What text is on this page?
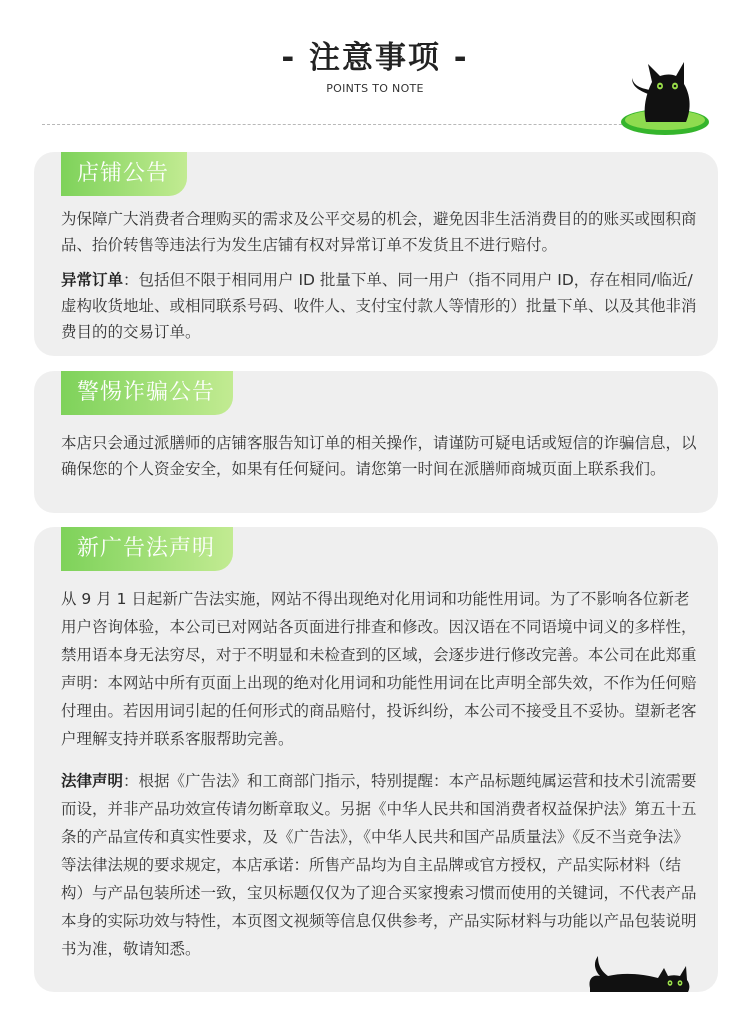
- 注意事项 -
POINTS TO NOTE
店铺公告

为保障广大消费者合理购买的需求及公平交易的机会，避免因非生活消费目的的账买或囤积商品、抬价转售等违法行为发生店铺有权对异常订单不发货且不进行赔付。

异常订单：包括但不限于相同用户 ID 批量下单、同一用户（指不同用户 ID，存在相同/临近/虚构收货地址、或相同联系号码、收件人、支付宝付款人等情形的）批量下单、以及其他非消费目的的交易订单。

警惕诈骗公告

本店只会通过派膳师的店铺客服告知订单的相关操作，请谨防可疑电话或短信的诈骗信息，以确保您的个人资金安全，如果有任何疑问。请您第一时间在派膳师商城页面上联系我们。

新广告法声明

从 9 月 1 日起新广告法实施，网站不得出现绝对化用词和功能性用词。为了不影响各位新老用户咨询体验，本公司已对网站各页面进行排查和修改。因汉语在不同语境中词义的多样性，禁用语本身无法穷尽，对于不明显和未检查到的区域，会逐步进行修改完善。本公司在此郑重声明：本网站中所有页面上出现的绝对化用词和功能性用词在比声明全部失效，不作为任何赔付理由。若因用词引起的任何形式的商品赔付，投诉纠纷，本公司不接受且不妥协。望新老客户理解支持并联系客服帮助完善。

法律声明：根据《广告法》和工商部门指示，特别提醒：本产品标题纯属运营和技术引流需要而设，并非产品功效宣传请勿断章取义。另据《中华人民共和国消费者权益保护法》第五十五条的产品宣传和真实性要求，及《广告法》，《中华人民共和国产品质量法》《反不当竞争法》等法律法规的要求规定，本店承诺：所售产品均为自主品牌或官方授权，产品实际材料（结构）与产品包装所述一致，宝贝标题仅仅为了迎合买家搜索习惯而使用的关键词，不代表产品本身的实际功效与特性，本页图文视频等信息仅供参考，产品实际材料与功能以产品包装说明书为准，敬请知悉。
